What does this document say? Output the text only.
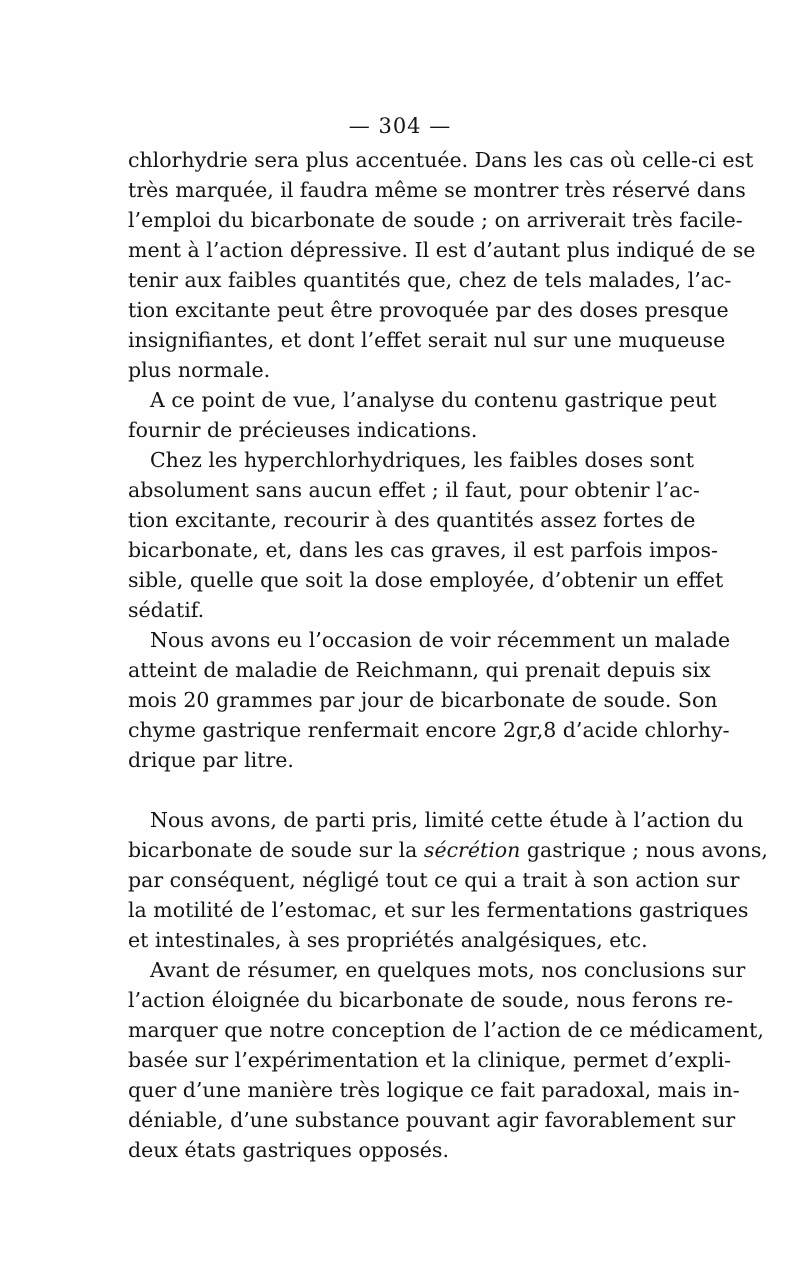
— 304 —
chlorhydrie sera plus accentuée. Dans les cas où celle-ci est
très marquée, il faudra même se montrer très réservé dans
l’emploi du bicarbonate de soude ; on arriverait très facile-
ment à l’action dépressive. Il est d’autant plus indiqué de se
tenir aux faibles quantités que, chez de tels malades, l’ac-
tion excitante peut être provoquée par des doses presque
insignifiantes, et dont l’effet serait nul sur une muqueuse
plus normale.
A ce point de vue, l’analyse du contenu gastrique peut
fournir de précieuses indications.
Chez les hyperchlorhydriques, les faibles doses sont
absolument sans aucun effet ; il faut, pour obtenir l’ac-
tion excitante, recourir à des quantités assez fortes de
bicarbonate, et, dans les cas graves, il est parfois impos-
sible, quelle que soit la dose employée, d’obtenir un effet
sédatif.
Nous avons eu l’occasion de voir récemment un malade
atteint de maladie de Reichmann, qui prenait depuis six
mois 20 grammes par jour de bicarbonate de soude. Son
chyme gastrique renfermait encore 2gr,8 d’acide chlorhy-
drique par litre.
Nous avons, de parti pris, limité cette étude à l’action du
bicarbonate de soude sur la sécrétion gastrique ; nous avons,
par conséquent, négligé tout ce qui a trait à son action sur
la motilité de l’estomac, et sur les fermentations gastriques
et intestinales, à ses propriétés analgésiques, etc.
Avant de résumer, en quelques mots, nos conclusions sur
l’action éloignée du bicarbonate de soude, nous ferons re-
marquer que notre conception de l’action de ce médicament,
basée sur l’expérimentation et la clinique, permet d’expli-
quer d’une manière très logique ce fait paradoxal, mais in-
déniable, d’une substance pouvant agir favorablement sur
deux états gastriques opposés.
